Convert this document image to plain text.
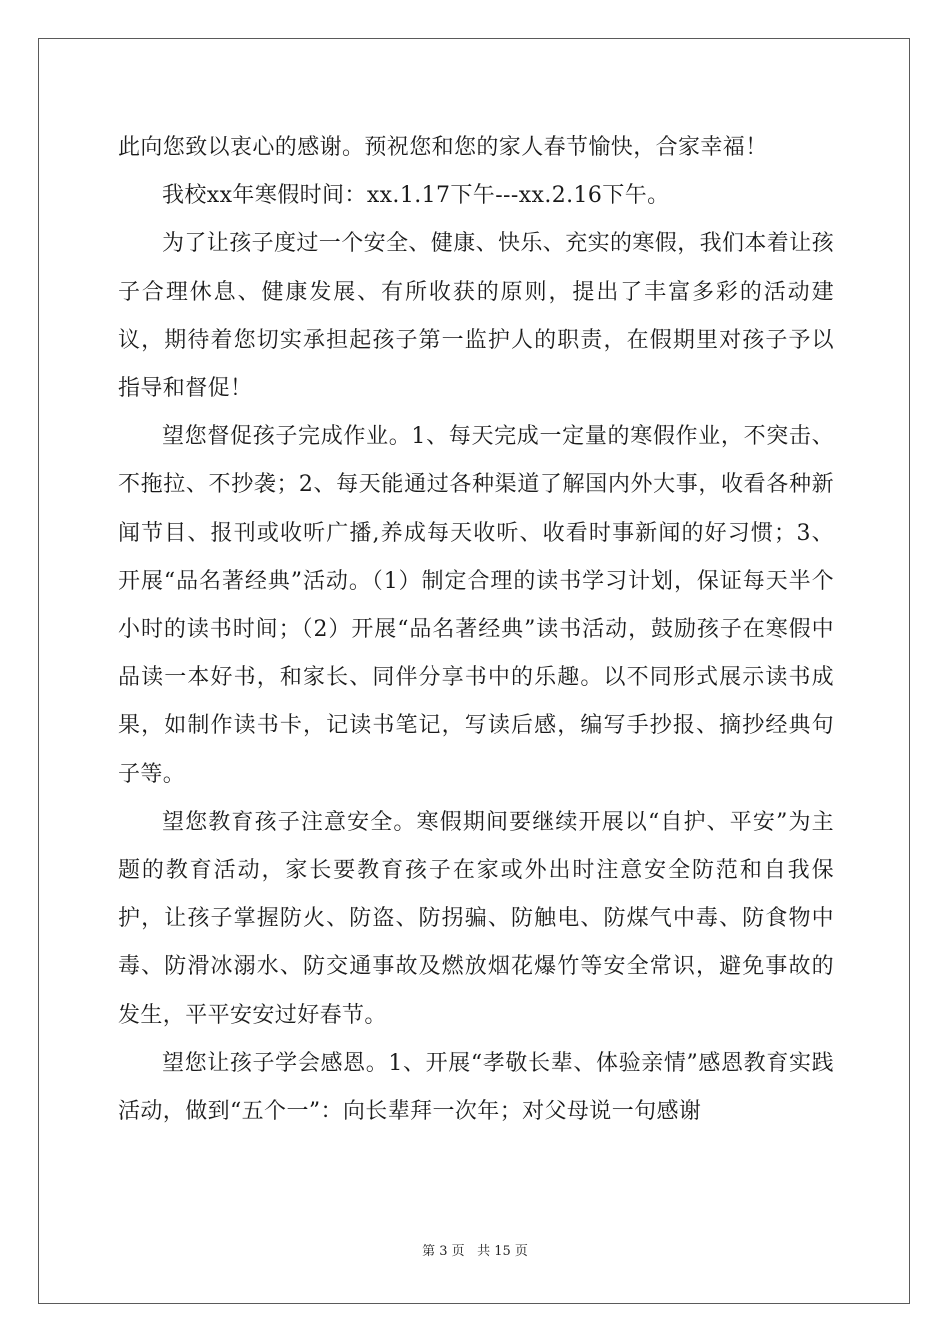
此向您致以衷心的感谢。预祝您和您的家人春节愉快，合家幸福！

我校xx年寒假时间：xx.1.17下午---xx.2.16下午。

为了让孩子度过一个安全、健康、快乐、充实的寒假，我们本着让孩子合理休息、健康发展、有所收获的原则，提出了丰富多彩的活动建议，期待着您切实承担起孩子第一监护人的职责，在假期里对孩子予以指导和督促！

望您督促孩子完成作业。1、每天完成一定量的寒假作业，不突击、不拖拉、不抄袭；2、每天能通过各种渠道了解国内外大事，收看各种新闻节目、报刊或收听广播,养成每天收听、收看时事新闻的好习惯；3、开展“品名著经典”活动。（1）制定合理的读书学习计划，保证每天半个小时的读书时间；（2）开展“品名著经典”读书活动，鼓励孩子在寒假中品读一本好书，和家长、同伴分享书中的乐趣。以不同形式展示读书成果，如制作读书卡，记读书笔记，写读后感，编写手抄报、摘抄经典句子等。

望您教育孩子注意安全。寒假期间要继续开展以“自护、平安”为主题的教育活动，家长要教育孩子在家或外出时注意安全防范和自我保护，让孩子掌握防火、防盗、防拐骗、防触电、防煤气中毒、防食物中毒、防滑冰溺水、防交通事故及燃放烟花爆竹等安全常识，避免事故的发生，平平安安过好春节。

望您让孩子学会感恩。1、开展“孝敬长辈、体验亲情”感恩教育实践活动，做到“五个一”：向长辈拜一次年；对父母说一句感谢

第 3 页 共 15 页
